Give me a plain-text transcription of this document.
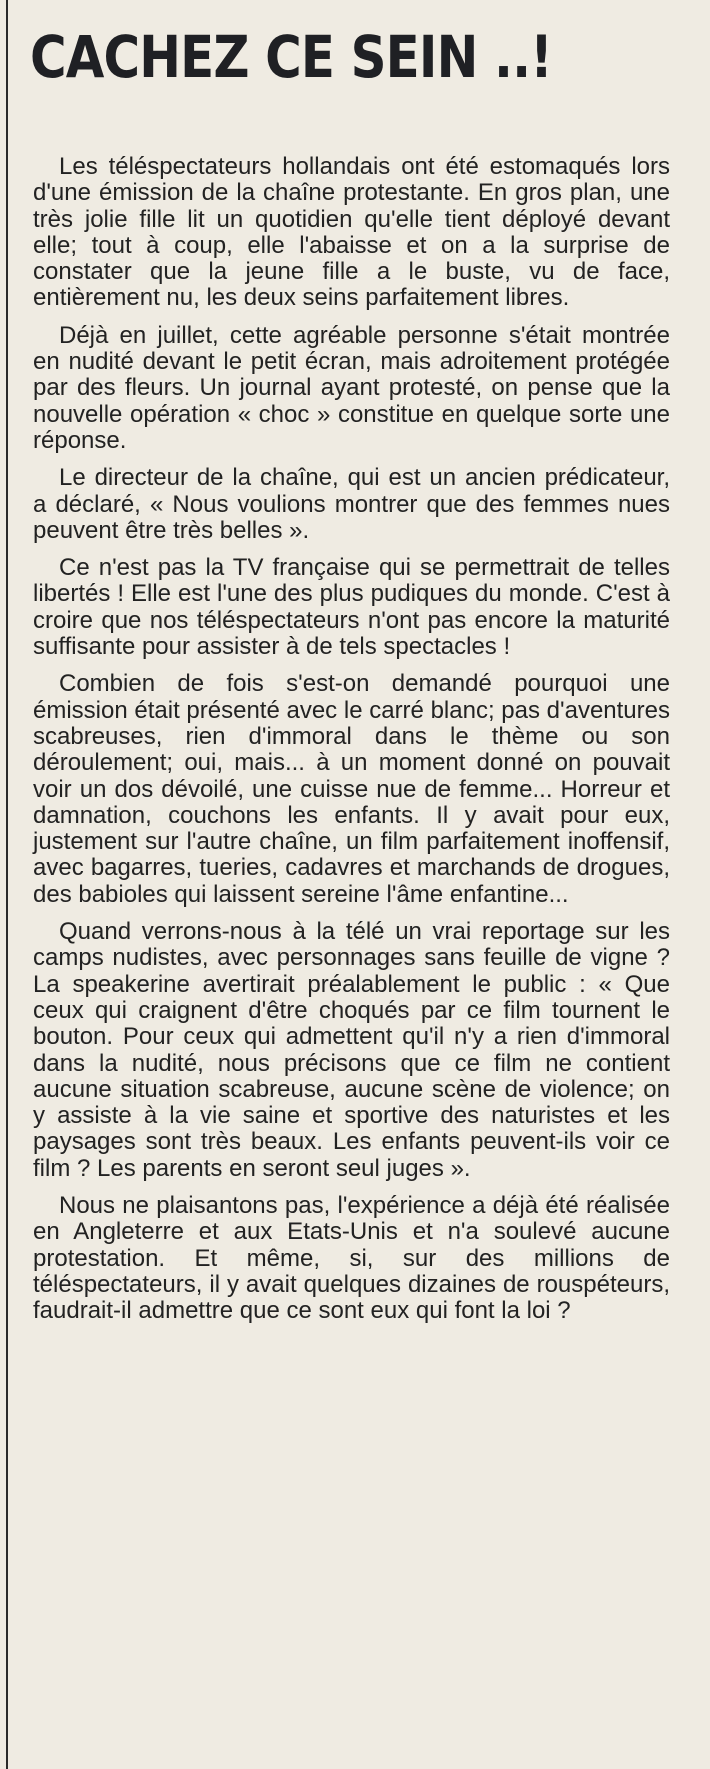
CACHEZ CE SEIN ..!

Les téléspectateurs hollandais ont été estomaqués lors d'une émission de la chaîne protestante. En gros plan, une très jolie fille lit un quotidien qu'elle tient déployé devant elle; tout à coup, elle l'abaisse et on a la surprise de constater que la jeune fille a le buste, vu de face, entièrement nu, les deux seins parfaitement libres.

Déjà en juillet, cette agréable personne s'était montrée en nudité devant le petit écran, mais adroitement protégée par des fleurs. Un journal ayant protesté, on pense que la nouvelle opération « choc » constitue en quelque sorte une réponse.

Le directeur de la chaîne, qui est un ancien prédicateur, a déclaré, « Nous voulions montrer que des femmes nues peuvent être très belles ».

Ce n'est pas la TV française qui se permettrait de telles libertés ! Elle est l'une des plus pudiques du monde. C'est à croire que nos téléspectateurs n'ont pas encore la maturité suffisante pour assister à de tels spectacles !

Combien de fois s'est-on demandé pourquoi une émission était présenté avec le carré blanc; pas d'aventures scabreuses, rien d'immoral dans le thème ou son déroulement; oui, mais... à un moment donné on pouvait voir un dos dévoilé, une cuisse nue de femme... Horreur et damnation, couchons les enfants. Il y avait pour eux, justement sur l'autre chaîne, un film parfaitement inoffensif, avec bagarres, tueries, cadavres et marchands de drogues, des babioles qui laissent sereine l'âme enfantine...

Quand verrons-nous à la télé un vrai reportage sur les camps nudistes, avec personnages sans feuille de vigne ? La speakerine avertirait préalablement le public : « Que ceux qui craignent d'être choqués par ce film tournent le bouton. Pour ceux qui admettent qu'il n'y a rien d'immoral dans la nudité, nous précisons que ce film ne contient aucune situation scabreuse, aucune scène de violence; on y assiste à la vie saine et sportive des naturistes et les paysages sont très beaux. Les enfants peuvent-ils voir ce film ? Les parents en seront seul juges ».

Nous ne plaisantons pas, l'expérience a déjà été réalisée en Angleterre et aux Etats-Unis et n'a soulevé aucune protestation. Et même, si, sur des millions de téléspectateurs, il y avait quelques dizaines de rouspéteurs, faudrait-il admettre que ce sont eux qui font la loi ?
